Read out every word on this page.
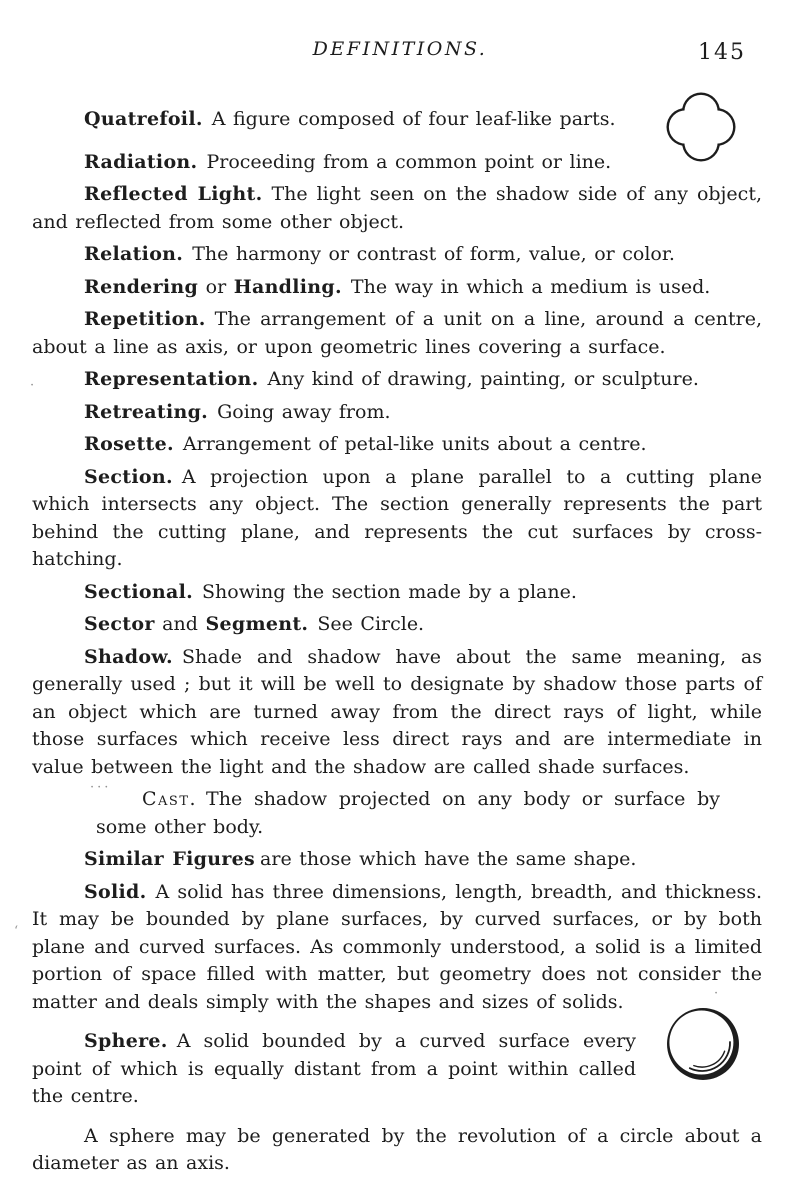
DEFINITIONS.	145

Quatrefoil. A figure composed of four leaf-like parts.

Radiation. Proceeding from a common point or line.

Reflected Light. The light seen on the shadow side of any object, and reflected from some other object.

Relation. The harmony or contrast of form, value, or color.

Rendering or Handling. The way in which a medium is used.

Repetition. The arrangement of a unit on a line, around a centre, about a line as axis, or upon geometric lines covering a surface.

Representation. Any kind of drawing, painting, or sculpture.

Retreating. Going away from.

Rosette. Arrangement of petal-like units about a centre.

Section. A projection upon a plane parallel to a cutting plane which intersects any object. The section generally represents the part behind the cutting plane, and represents the cut surfaces by cross-hatching.

Sectional. Showing the section made by a plane.

Sector and Segment. See Circle.

Shadow. Shade and shadow have about the same meaning, as generally used ; but it will be well to designate by shadow those parts of an object which are turned away from the direct rays of light, while those surfaces which receive less direct rays and are intermediate in value between the light and the shadow are called shade surfaces.

Cast. The shadow projected on any body or surface by some other body.

Similar Figures are those which have the same shape.

Solid. A solid has three dimensions, length, breadth, and thickness. It may be bounded by plane surfaces, by curved surfaces, or by both plane and curved surfaces. As commonly understood, a solid is a limited portion of space filled with matter, but geometry does not consider the matter and deals simply with the shapes and sizes of solids.

Sphere. A solid bounded by a curved surface every point of which is equally distant from a point within called the centre.

A sphere may be generated by the revolution of a circle about a diameter as an axis.

·
‘
···
·
